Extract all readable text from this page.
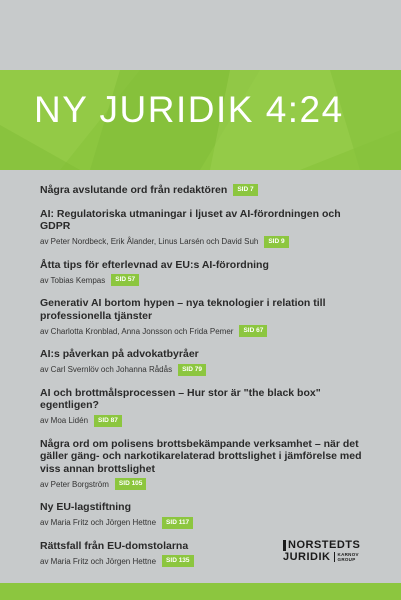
NY JURIDIK 4:24
Några avslutande ord från redaktören	SID 7
AI: Regulatoriska utmaningar i ljuset av AI-förordningen och GDPR
av Peter Nordbeck, Erik Ålander, Linus Larsén och David Suh	SID 9
Åtta tips för efterlevnad av EU:s AI-förordning
av Tobias Kempas	SID 57
Generativ AI bortom hypen – nya teknologier i relation till professionella tjänster
av Charlotta Kronblad, Anna Jonsson och Frida Pemer	SID 67
AI:s påverkan på advokatbyråer
av Carl Svernlöv och Johanna Rådås	SID 79
AI och brottmålsprocessen – Hur stor är "the black box" egentligen?
av Moa Lidén	SID 87
Några ord om polisens brottsbekämpande verksamhet – när det gäller gäng- och narkotikarelaterad brottslighet i jämförelse med viss annan brottslighet
av Peter Borgström	SID 105
Ny EU-lagstiftning
av Maria Fritz och Jörgen Hettne	SID 117
Rättsfall från EU-domstolarna
av Maria Fritz och Jörgen Hettne	SID 135
NORSTEDTS
JURIDIK KARNOV
GROUP
